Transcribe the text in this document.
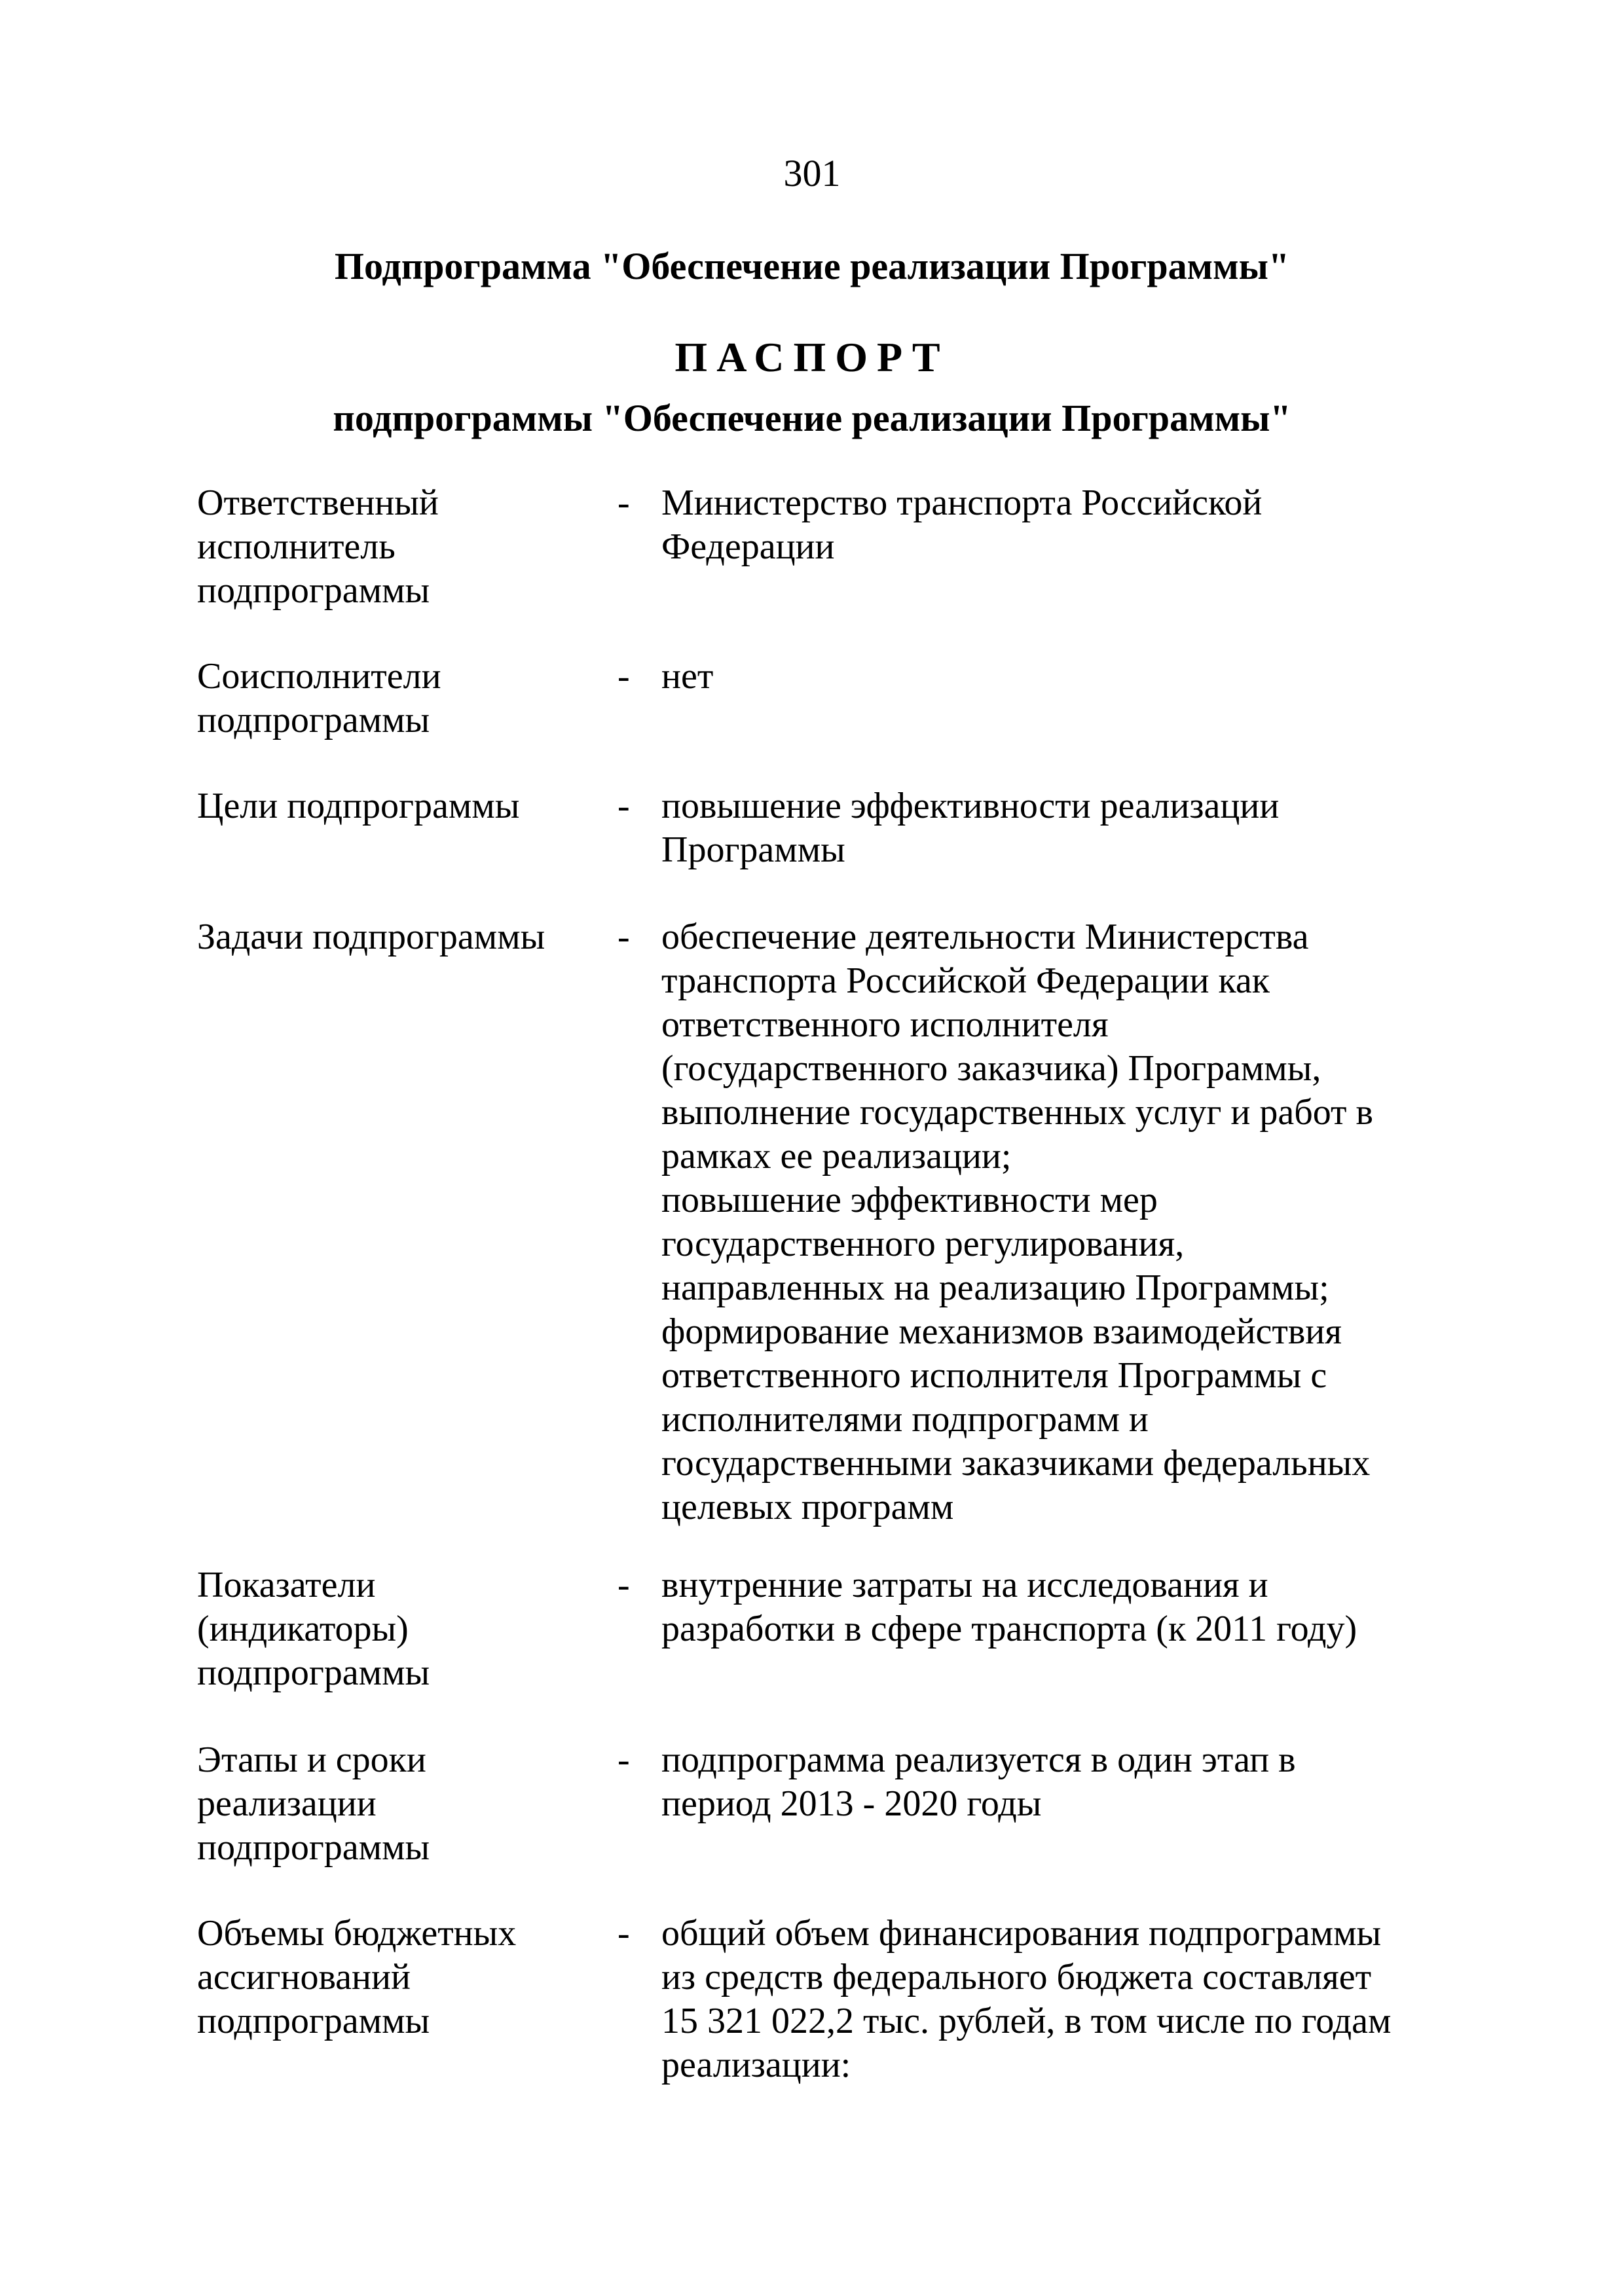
301
Подпрограмма "Обеспечение реализации Программы"
ПАСПОРТ
подпрограммы "Обеспечение реализации Программы"
Ответственный
исполнитель
подпрограммы
- Министерство транспорта Российской
Федерации
Соисполнители
подпрограммы
- нет
Цели подпрограммы	- повышение эффективности реализации
Программы
Задачи подпрограммы	- обеспечение деятельности Министерства
транспорта Российской Федерации как
ответственного исполнителя
(государственного заказчика) Программы,
выполнение государственных услуг и работ в
рамках ее реализации;
повышение эффективности мер
государственного регулирования,
направленных на реализацию Программы;
формирование механизмов взаимодействия
ответственного исполнителя Программы с
исполнителями подпрограмм и
государственными заказчиками федеральных
целевых программ
Показатели
(индикаторы)
подпрограммы
- внутренние затраты на исследования и
разработки в сфере транспорта (к 2011 году)
Этапы и сроки
реализации
подпрограммы
- подпрограмма реализуется в один этап в
период 2013 - 2020 годы
Объемы бюджетных
ассигнований
подпрограммы
- общий объем финансирования подпрограммы
из средств федерального бюджета составляет
15 321 022,2 тыс. рублей, в том числе по годам
реализации:
